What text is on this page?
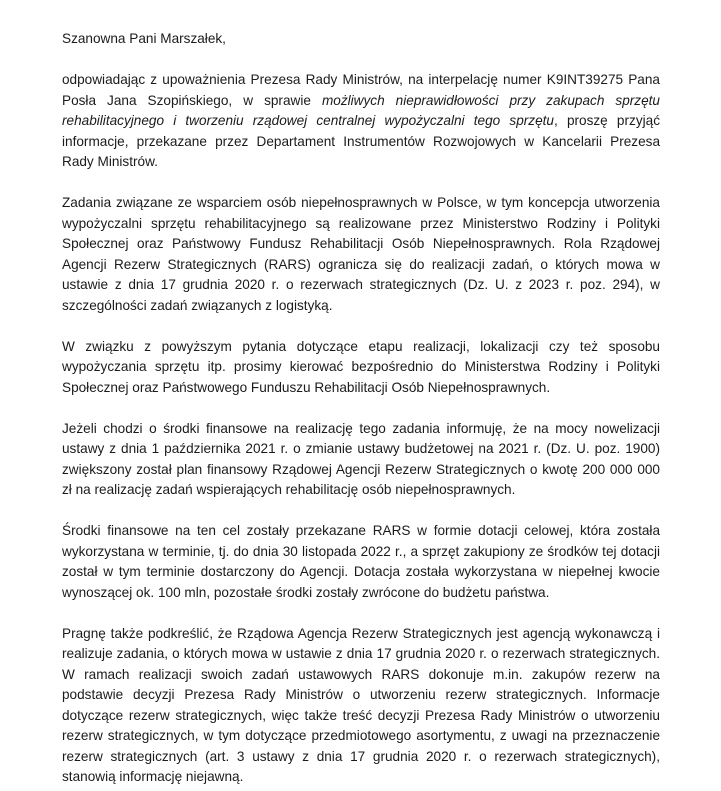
Szanowna Pani Marszałek,

odpowiadając z upoważnienia Prezesa Rady Ministrów, na interpelację numer K9INT39275 Pana Posła Jana Szopińskiego, w sprawie możliwych nieprawidłowości przy zakupach sprzętu rehabilitacyjnego i tworzeniu rządowej centralnej wypożyczalni tego sprzętu, proszę przyjąć informacje, przekazane przez Departament Instrumentów Rozwojowych w Kancelarii Prezesa Rady Ministrów.

Zadania związane ze wsparciem osób niepełnosprawnych w Polsce, w tym koncepcja utworzenia wypożyczalni sprzętu rehabilitacyjnego są realizowane przez Ministerstwo Rodziny i Polityki Społecznej oraz Państwowy Fundusz Rehabilitacji Osób Niepełnosprawnych. Rola Rządowej Agencji Rezerw Strategicznych (RARS) ogranicza się do realizacji zadań, o których mowa w ustawie z dnia 17 grudnia 2020 r. o rezerwach strategicznych (Dz. U. z 2023 r. poz. 294), w szczególności zadań związanych z logistyką.

W związku z powyższym pytania dotyczące etapu realizacji, lokalizacji czy też sposobu wypożyczania sprzętu itp. prosimy kierować bezpośrednio do Ministerstwa Rodziny i Polityki Społecznej oraz Państwowego Funduszu Rehabilitacji Osób Niepełnosprawnych.

Jeżeli chodzi o środki finansowe na realizację tego zadania informuję, że na mocy nowelizacji ustawy z dnia 1 października 2021 r. o zmianie ustawy budżetowej na 2021 r. (Dz. U. poz. 1900) zwiększony został plan finansowy Rządowej Agencji Rezerw Strategicznych o kwotę 200 000 000 zł na realizację zadań wspierających rehabilitację osób niepełnosprawnych.

Środki finansowe na ten cel zostały przekazane RARS w formie dotacji celowej, która została wykorzystana w terminie, tj. do dnia 30 listopada 2022 r., a sprzęt zakupiony ze środków tej dotacji został w tym terminie dostarczony do Agencji. Dotacja została wykorzystana w niepełnej kwocie wynoszącej ok. 100 mln, pozostałe środki zostały zwrócone do budżetu państwa.

Pragnę także podkreślić, że Rządowa Agencja Rezerw Strategicznych jest agencją wykonawczą i realizuje zadania, o których mowa w ustawie z dnia 17 grudnia 2020 r. o rezerwach strategicznych. W ramach realizacji swoich zadań ustawowych RARS dokonuje m.in. zakupów rezerw na podstawie decyzji Prezesa Rady Ministrów o utworzeniu rezerw strategicznych. Informacje dotyczące rezerw strategicznych, więc także treść decyzji Prezesa Rady Ministrów o utworzeniu rezerw strategicznych, w tym dotyczące przedmiotowego asortymentu, z uwagi na przeznaczenie rezerw strategicznych (art. 3 ustawy z dnia 17 grudnia 2020 r. o rezerwach strategicznych), stanowią informację niejawną.
